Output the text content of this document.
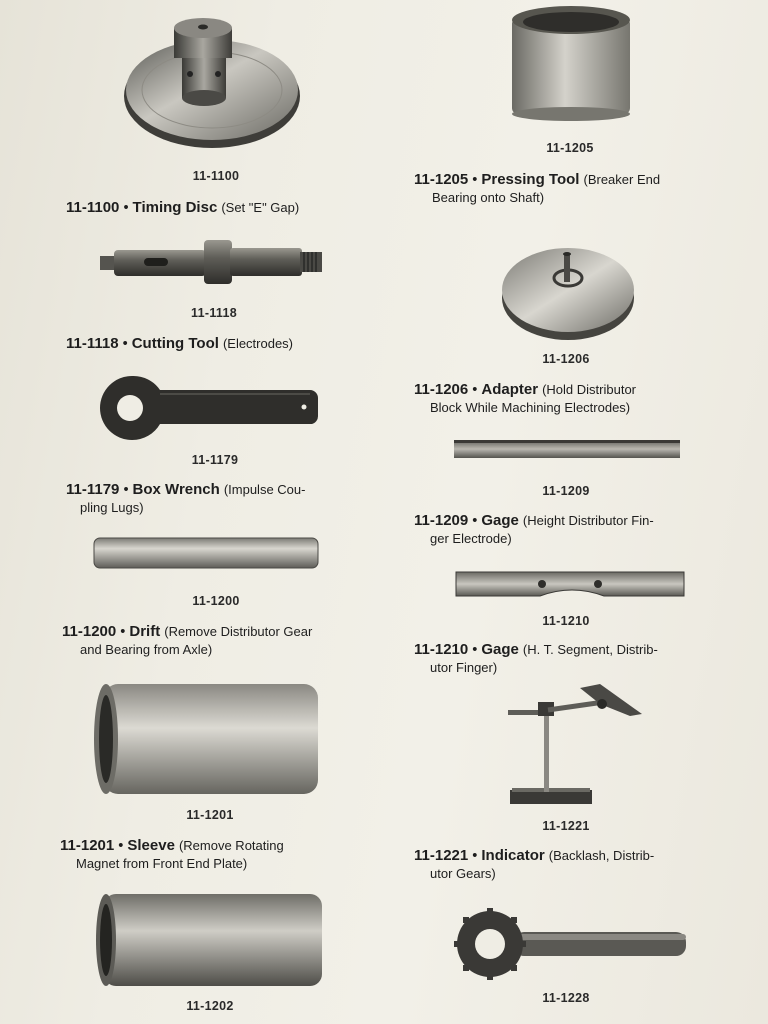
11-1100
11-1100 • Timing Disc (Set "E" Gap)
11-1118
11-1118 • Cutting Tool (Electrodes)
11-1179
11-1179 • Box Wrench (Impulse Cou-
pling Lugs)
11-1200
11-1200 • Drift (Remove Distributor Gear
and Bearing from Axle)
11-1201
11-1201 • Sleeve (Remove Rotating
Magnet from Front End Plate)
11-1202
11-1205
11-1205 • Pressing Tool (Breaker End
Bearing onto Shaft)
11-1206
11-1206 • Adapter (Hold Distributor
Block While Machining Electrodes)
11-1209
11-1209 • Gage (Height Distributor Fin-
ger Electrode)
11-1210
11-1210 • Gage (H. T. Segment, Distrib-
utor Finger)
11-1221
11-1221 • Indicator (Backlash, Distrib-
utor Gears)
11-1228
